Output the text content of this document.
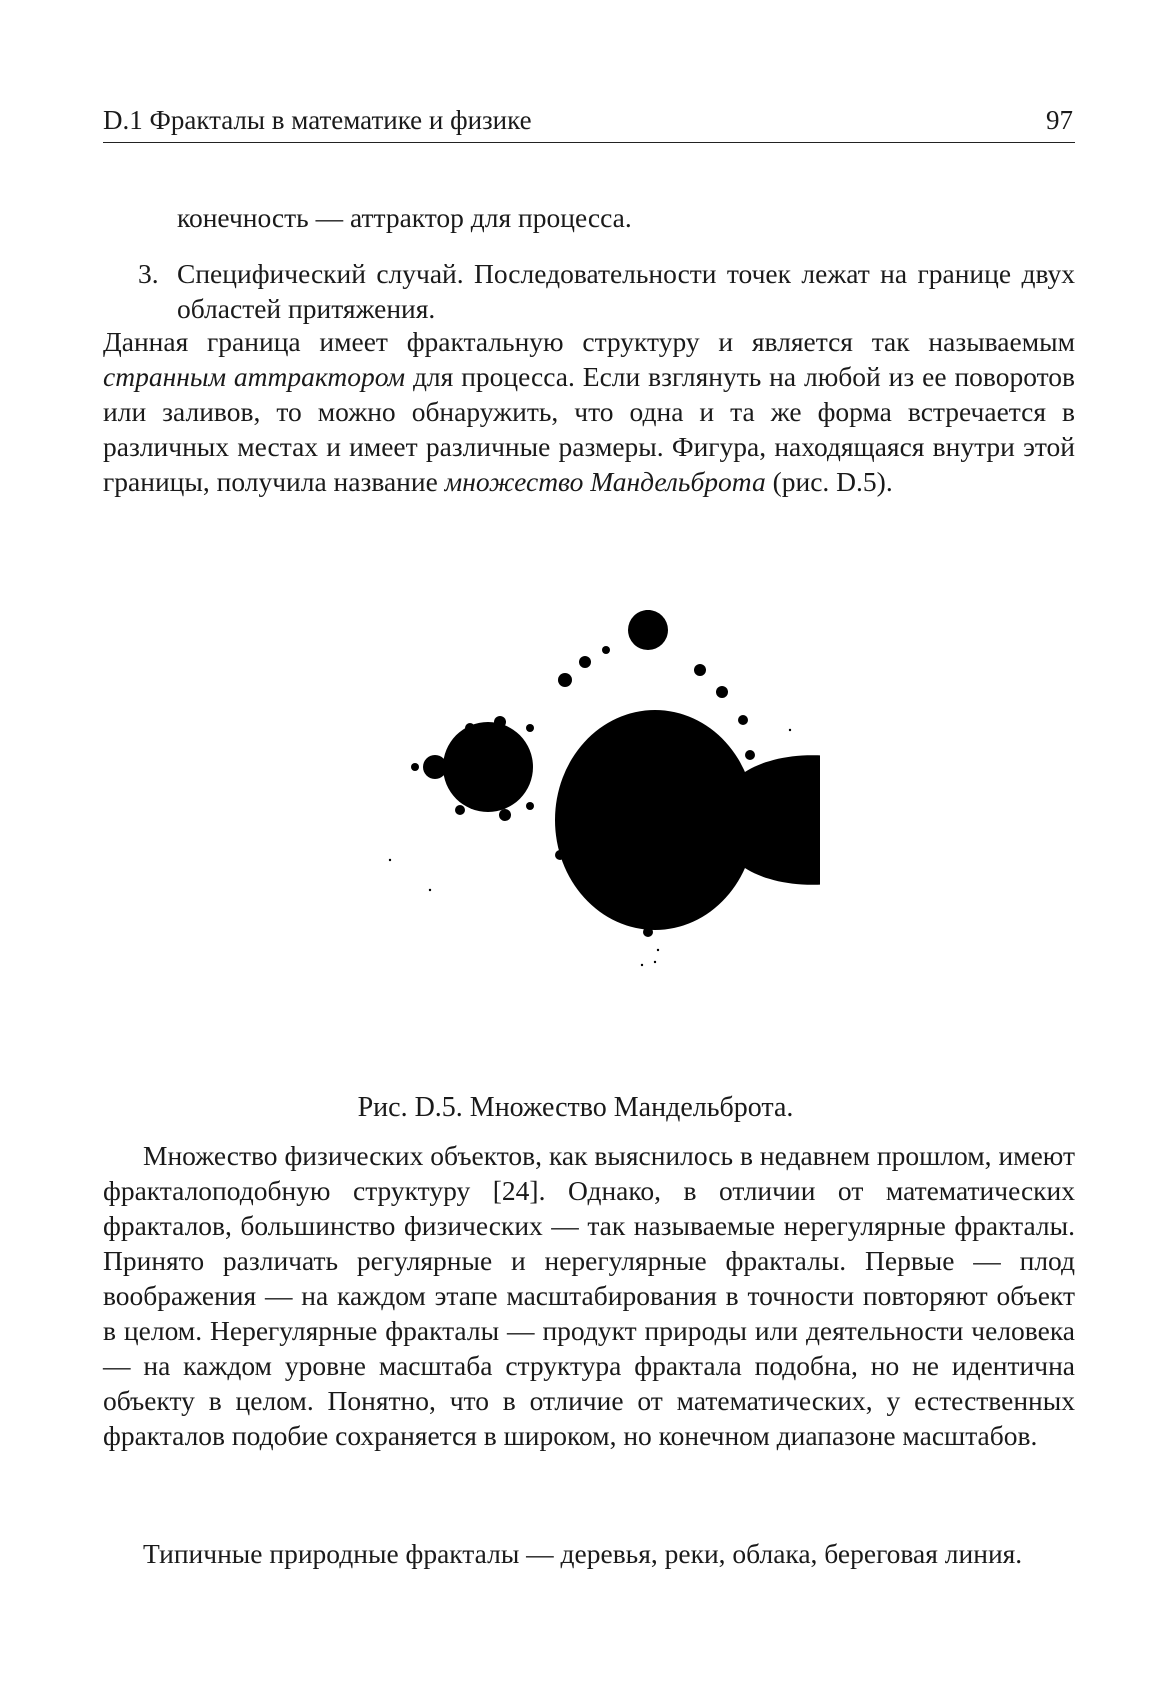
D.1 Фракталы в математике и физике	97
конечность — аттрактор для процесса.
3. Специфический случай. Последовательности точек лежат на границе двух областей притяжения.
Данная граница имеет фрактальную структуру и является так называемым странным аттрактором для процесса. Если взглянуть на любой из ее поворотов или заливов, то можно обнаружить, что одна и та же форма встречается в различных местах и имеет различные размеры. Фигура, находящаяся внутри этой границы, получила название множество Мандельброта (рис. D.5).
Рис. D.5. Множество Мандельброта.
Множество физических объектов, как выяснилось в недавнем прошлом, имеют фракталоподобную структуру [24]. Однако, в отличии от математических фракталов, большинство физических — так называемые нерегулярные фракталы. Принято различать регулярные и нерегулярные фракталы. Первые — плод воображения — на каждом этапе масштабирования в точности повторяют объект в целом. Нерегулярные фракталы — продукт природы или деятельности человека — на каждом уровне масштаба структура фрактала подобна, но не идентична объекту в целом. Понятно, что в отличие от математических, у естественных фракталов подобие сохраняется в широком, но конечном диапазоне масштабов.
Типичные природные фракталы — деревья, реки, облака, береговая линия.
